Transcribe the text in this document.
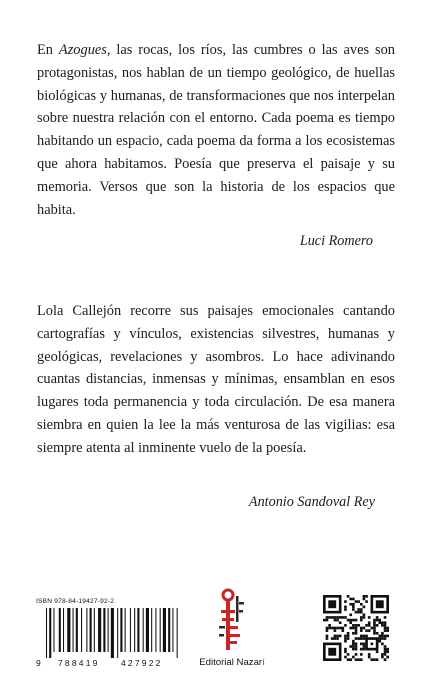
En Azogues, las rocas, los ríos, las cumbres o las aves son protagonistas, nos hablan de un tiempo geológico, de huellas biológicas y humanas, de transformaciones que nos interpelan sobre nuestra relación con el entorno. Cada poema es tiempo habitando un espacio, cada poema da forma a los ecosistemas que ahora habitamos. Poesía que preserva el paisaje y su memoria. Versos que son la historia de los espacios que habita.

Luci Romero

Lola Callejón recorre sus paisajes emocionales cantando cartografías y vínculos, existencias silvestres, humanas y geológicas, revelaciones y asombros. Lo hace adivinando cuantas distancias, inmensas y mínimas, ensamblan en esos lugares toda permanencia y toda circulación. De esa manera siembra en quien la lee la más venturosa de las vigilias: esa siempre atenta al inminente vuelo de la poesía.

Antonio Sandoval Rey

ISBN 978-84-19427-92-2
9 788419	427922	Editorial Nazarí
